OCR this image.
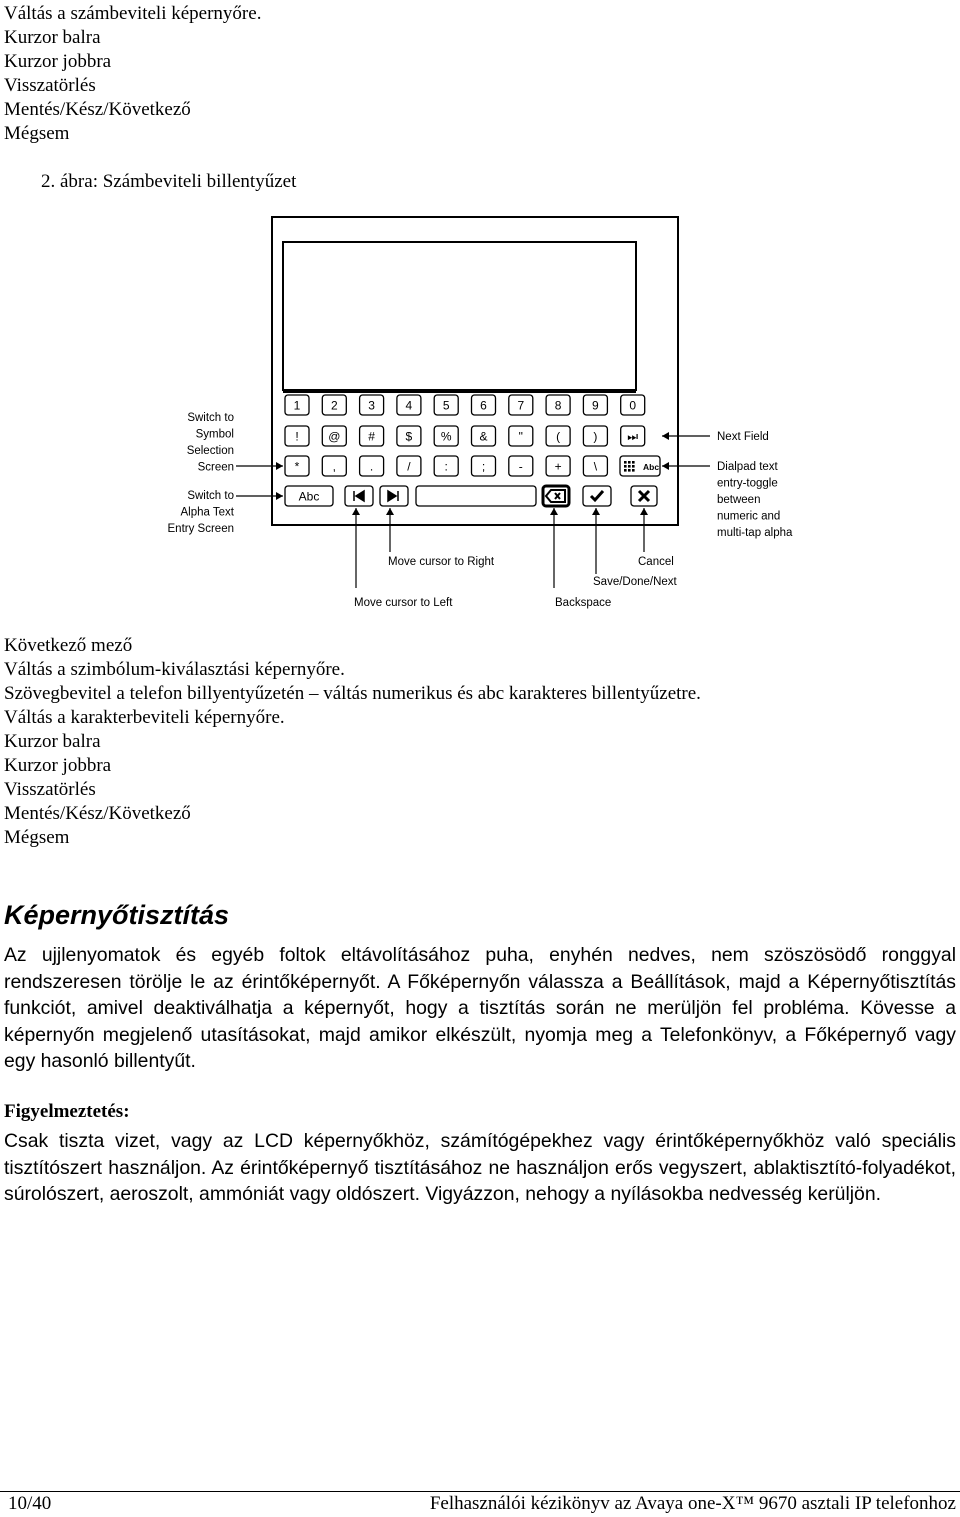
Váltás a számbeviteli képernyőre.
Kurzor balra
Kurzor jobbra
Visszatörlés
Mentés/Kész/Következő
Mégsem
2. ábra: Számbeviteli billentyűzet
1	2	3	4	5	6	7	8	9	0
! @ #	$ % &	"	(	) ⏭
*	,	.	/	:	;	-	+	\	Abc
Abc
Switch to
Symbol
Selection
Screen
Switch to
Alpha Text
Entry Screen
Next Field
Dialpad text
entry-toggle
between
numeric and
multi-tap alpha
Move cursor to Right
Move cursor to Left
Cancel
Save/Done/Next
Backspace
Következő mező
Váltás a szimbólum-kiválasztási képernyőre.
Szövegbevitel a telefon billyentyűzetén – váltás numerikus és abc karakteres billentyűzetre.
Váltás a karakterbeviteli képernyőre.
Kurzor balra
Kurzor jobbra
Visszatörlés
Mentés/Kész/Következő
Mégsem
Képernyőtisztítás
Az ujjlenyomatok és egyéb foltok eltávolításához puha, enyhén nedves, nem szöszösödő ronggyal rendszeresen törölje le az érintőképernyőt. A Főképernyőn válassza a Beállítások, majd a Képernyőtisztítás funkciót, amivel deaktiválhatja a képernyőt, hogy a tisztítás során ne merüljön fel probléma. Kövesse a képernyőn megjelenő utasításokat, majd amikor elkészült, nyomja meg a Telefonkönyv, a Főképernyő vagy egy hasonló billentyűt.
Figyelmeztetés:
Csak tiszta vizet, vagy az LCD képernyőkhöz, számítógépekhez vagy érintőképernyőkhöz való speciális tisztítószert használjon. Az érintőképernyő tisztításához ne használjon erős vegyszert, ablaktisztító-folyadékot, súrolószert, aeroszolt, ammóniát vagy oldószert. Vigyázzon, nehogy a nyílásokba nedvesség kerüljön.
10/40	Felhasználói kézikönyv az Avaya one-X™ 9670 asztali IP telefonhoz
